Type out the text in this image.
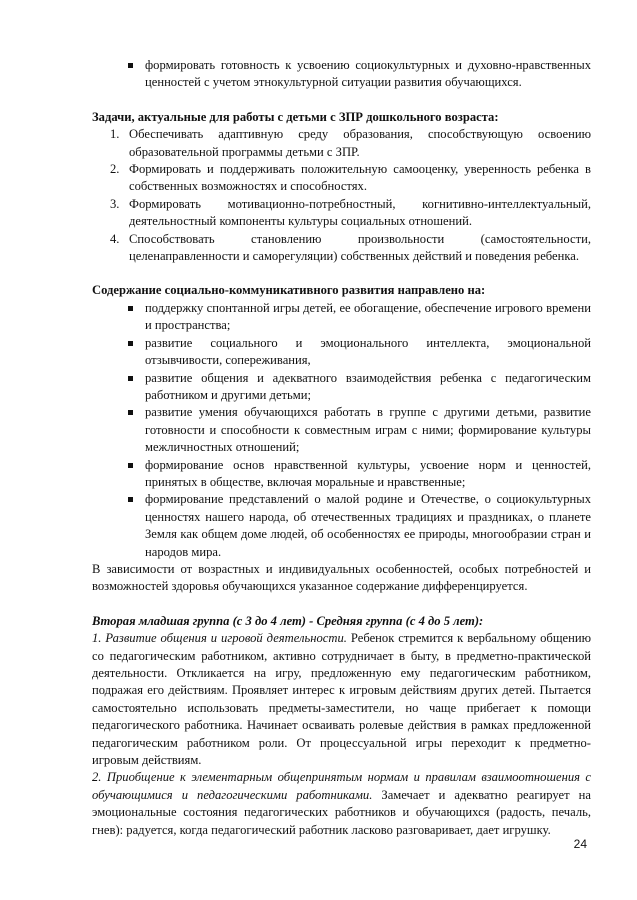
формировать готовность к усвоению социокультурных и духовно-нравственных ценностей с учетом этнокультурной ситуации развития обучающихся.

Задачи, актуальные для работы с детьми с ЗПР дошкольного возраста:

1. Обеспечивать адаптивную среду образования, способствующую освоению образовательной программы детьми с ЗПР.
2. Формировать и поддерживать положительную самооценку, уверенность ребенка в собственных возможностях и способностях.
3. Формировать мотивационно-потребностный, когнитивно-интеллектуальный, деятельностный компоненты культуры социальных отношений.
4. Способствовать становлению произвольности (самостоятельности, целенаправленности и саморегуляции) собственных действий и поведения ребенка.

Содержание социально-коммуникативного развития направлено на:

поддержку спонтанной игры детей, ее обогащение, обеспечение игрового времени и пространства;
развитие социального и эмоционального интеллекта, эмоциональной отзывчивости, сопереживания,
развитие общения и адекватного взаимодействия ребенка с педагогическим работником и другими детьми;
развитие умения обучающихся работать в группе с другими детьми, развитие готовности и способности к совместным играм с ними; формирование культуры межличностных отношений;
формирование основ нравственной культуры, усвоение норм и ценностей, принятых в обществе, включая моральные и нравственные;
формирование представлений о малой родине и Отечестве, о социокультурных ценностях нашего народа, об отечественных традициях и праздниках, о планете Земля как общем доме людей, об особенностях ее природы, многообразии стран и народов мира.

В зависимости от возрастных и индивидуальных особенностей, особых потребностей и возможностей здоровья обучающихся указанное содержание дифференцируется.

Вторая младшая группа (с 3 до 4 лет) - Средняя группа (с 4 до 5 лет):

1. Развитие общения и игровой деятельности. Ребенок стремится к вербальному общению со педагогическим работником, активно сотрудничает в быту, в предметно-практической деятельности. Откликается на игру, предложенную ему педагогическим работником, подражая его действиям. Проявляет интерес к игровым действиям других детей. Пытается самостоятельно использовать предметы-заместители, но чаще прибегает к помощи педагогического работника. Начинает осваивать ролевые действия в рамках предложенной педагогическим работником роли. От процессуальной игры переходит к предметно-игровым действиям.

2. Приобщение к элементарным общепринятым нормам и правилам взаимоотношения с обучающимися и педагогическими работниками. Замечает и адекватно реагирует на эмоциональные состояния педагогических работников и обучающихся (радость, печаль, гнев): радуется, когда педагогический работник ласково разговаривает, дает игрушку.

24
